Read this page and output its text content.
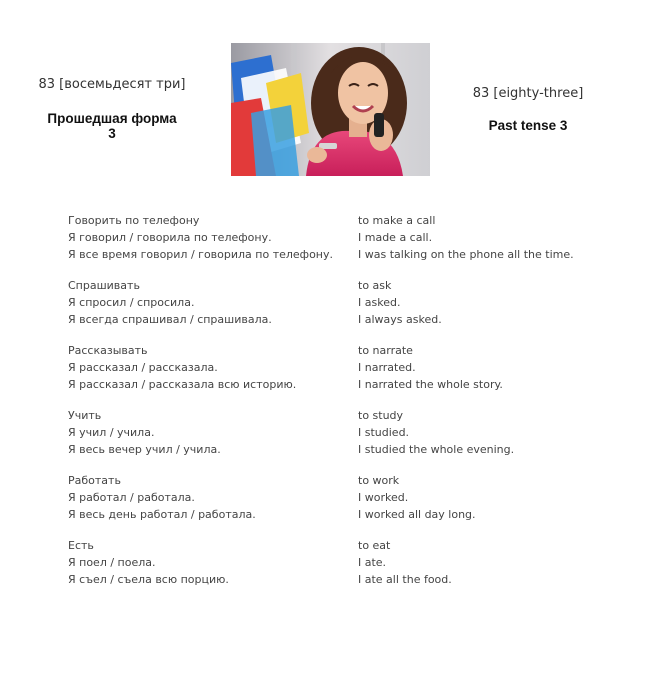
83 [восемьдесят три]
Прошедшая форма
3
83 [eighty-three]
Past tense 3
Говорить по телефону	to make a call
Я говорил / говорила по телефону.	I made a call.
Я все время говорил / говорила по телефону.	I was talking on the phone all the time.
Спрашивать	to ask
Я спросил / спросила.	I asked.
Я всегда спрашивал / спрашивала.	I always asked.
Рассказывать	to narrate
Я рассказал / рассказала.	I narrated.
Я рассказал / рассказала всю историю.	I narrated the whole story.
Учить	to study
Я учил / учила.	I studied.
Я весь вечер учил / учила.	I studied the whole evening.
Работать	to work
Я работал / работала.	I worked.
Я весь день работал / работала.	I worked all day long.
Есть	to eat
Я поел / поела.	I ate.
Я съел / съела всю порцию.	I ate all the food.
